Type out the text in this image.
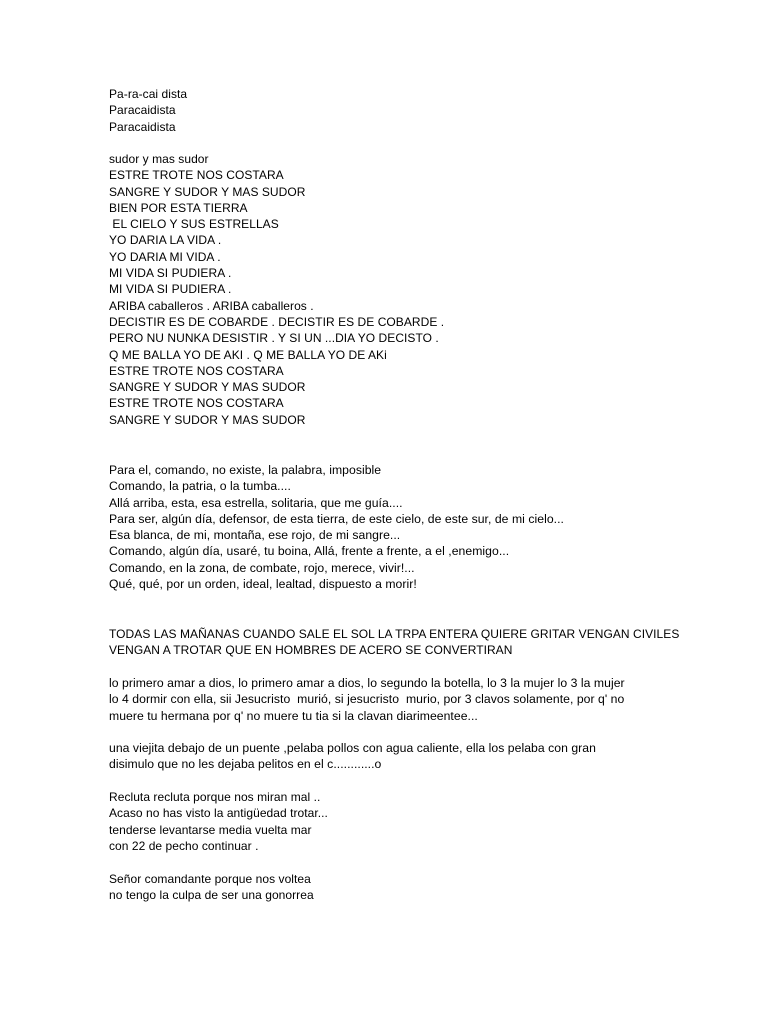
Pa-ra-cai dista
Paracaidista
Paracaidista
sudor y mas sudor
ESTRE TROTE NOS COSTARA
SANGRE Y SUDOR Y MAS SUDOR
BIEN POR ESTA TIERRA
EL CIELO Y SUS ESTRELLAS
YO DARIA LA VIDA .
YO DARIA MI VIDA .
MI VIDA SI PUDIERA .
MI VIDA SI PUDIERA .
ARIBA caballeros . ARIBA caballeros .
DECISTIR ES DE COBARDE . DECISTIR ES DE COBARDE .
PERO NU NUNKA DESISTIR . Y SI UN ...DIA YO DECISTO .
Q ME BALLA YO DE AKI . Q ME BALLA YO DE AKi
ESTRE TROTE NOS COSTARA
SANGRE Y SUDOR Y MAS SUDOR
ESTRE TROTE NOS COSTARA
SANGRE Y SUDOR Y MAS SUDOR
Para el, comando, no existe, la palabra, imposible
Comando, la patria, o la tumba....
Allá arriba, esta, esa estrella, solitaria, que me guía....
Para ser, algún día, defensor, de esta tierra, de este cielo, de este sur, de mi cielo...
Esa blanca, de mi, montaña, ese rojo, de mi sangre...
Comando, algún día, usaré, tu boina, Allá, frente a frente, a el ,enemigo...
Comando, en la zona, de combate, rojo, merece, vivir!...
Qué, qué, por un orden, ideal, lealtad, dispuesto a morir!
TODAS LAS MAÑANAS CUANDO SALE EL SOL LA TRPA ENTERA QUIERE GRITAR VENGAN CIVILES
VENGAN A TROTAR QUE EN HOMBRES DE ACERO SE CONVERTIRAN
lo primero amar a dios, lo primero amar a dios, lo segundo la botella, lo 3 la mujer lo 3 la mujer
lo 4 dormir con ella, sii Jesucristo  murió, si jesucristo  murio, por 3 clavos solamente, por q' no
muere tu hermana por q' no muere tu tia si la clavan diarimeentee...
una viejita debajo de un puente ,pelaba pollos con agua caliente, ella los pelaba con gran
disimulo que no les dejaba pelitos en el c............o
Recluta recluta porque nos miran mal ..
Acaso no has visto la antigüedad trotar...
tenderse levantarse media vuelta mar
con 22 de pecho continuar .
Señor comandante porque nos voltea
no tengo la culpa de ser una gonorrea
